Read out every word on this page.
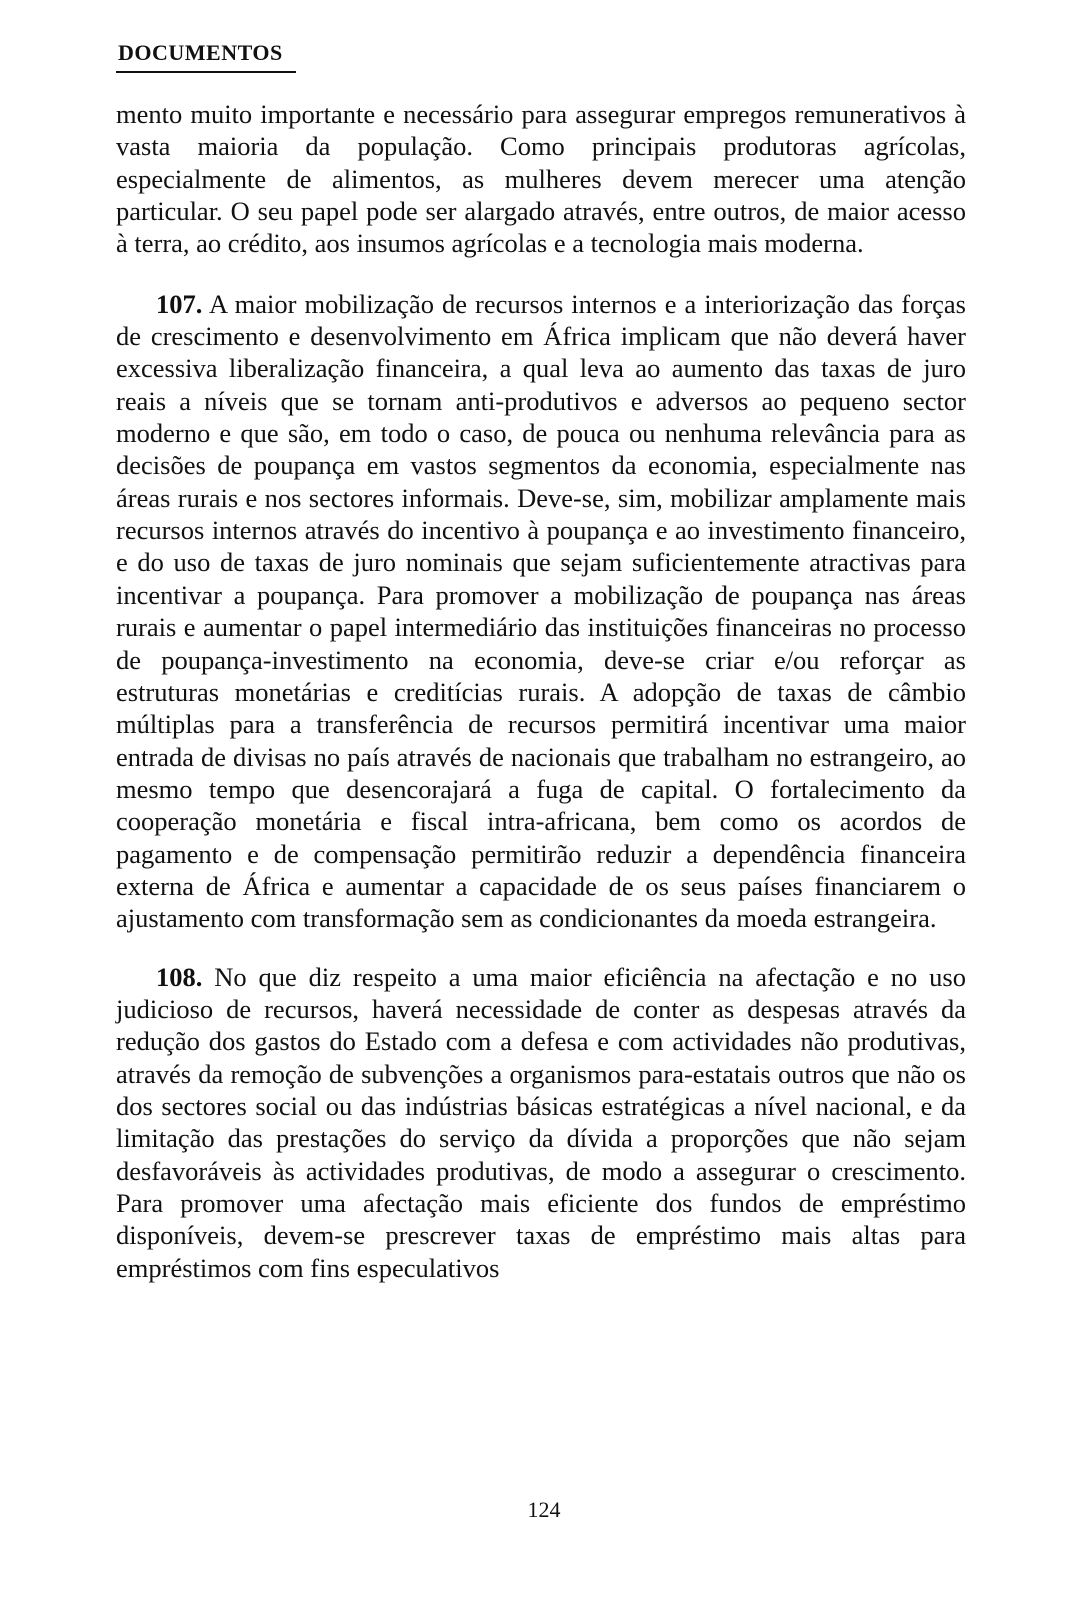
DOCUMENTOS

mento muito importante e necessário para assegurar empregos remunerativos à vasta maioria da população. Como principais produtoras agrícolas, especialmente de alimentos, as mulheres devem merecer uma atenção particular. O seu papel pode ser alargado através, entre outros, de maior acesso à terra, ao crédito, aos insumos agrícolas e a tecnologia mais moderna.

107. A maior mobilização de recursos internos e a interiorização das forças de crescimento e desenvolvimento em África implicam que não deverá haver excessiva liberalização financeira, a qual leva ao aumento das taxas de juro reais a níveis que se tornam anti-produtivos e adversos ao pequeno sector moderno e que são, em todo o caso, de pouca ou nenhuma relevância para as decisões de poupança em vastos segmentos da economia, especialmente nas áreas rurais e nos sectores informais. Deve-se, sim, mobilizar amplamente mais recursos internos através do incentivo à poupança e ao investimento financeiro, e do uso de taxas de juro nominais que sejam suficientemente atractivas para incentivar a poupança. Para promover a mobilização de poupança nas áreas rurais e aumentar o papel intermediário das instituições financeiras no processo de poupança-investimento na economia, deve-se criar e/ou reforçar as estruturas monetárias e creditícias rurais. A adopção de taxas de câmbio múltiplas para a transferência de recursos permitirá incentivar uma maior entrada de divisas no país através de nacionais que trabalham no estrangeiro, ao mesmo tempo que desencorajará a fuga de capital. O fortalecimento da cooperação monetária e fiscal intra-africana, bem como os acordos de pagamento e de compensação permitirão reduzir a dependência financeira externa de África e aumentar a capacidade de os seus países financiarem o ajustamento com transformação sem as condicionantes da moeda estrangeira.

108. No que diz respeito a uma maior eficiência na afectação e no uso judicioso de recursos, haverá necessidade de conter as despesas através da redução dos gastos do Estado com a defesa e com actividades não produtivas, através da remoção de subvenções a organismos para-estatais outros que não os dos sectores social ou das indústrias básicas estratégicas a nível nacional, e da limitação das prestações do serviço da dívida a proporções que não sejam desfavoráveis às actividades produtivas, de modo a assegurar o crescimento. Para promover uma afectação mais eficiente dos fundos de empréstimo disponíveis, devem-se prescrever taxas de empréstimo mais altas para empréstimos com fins especulativos

124
